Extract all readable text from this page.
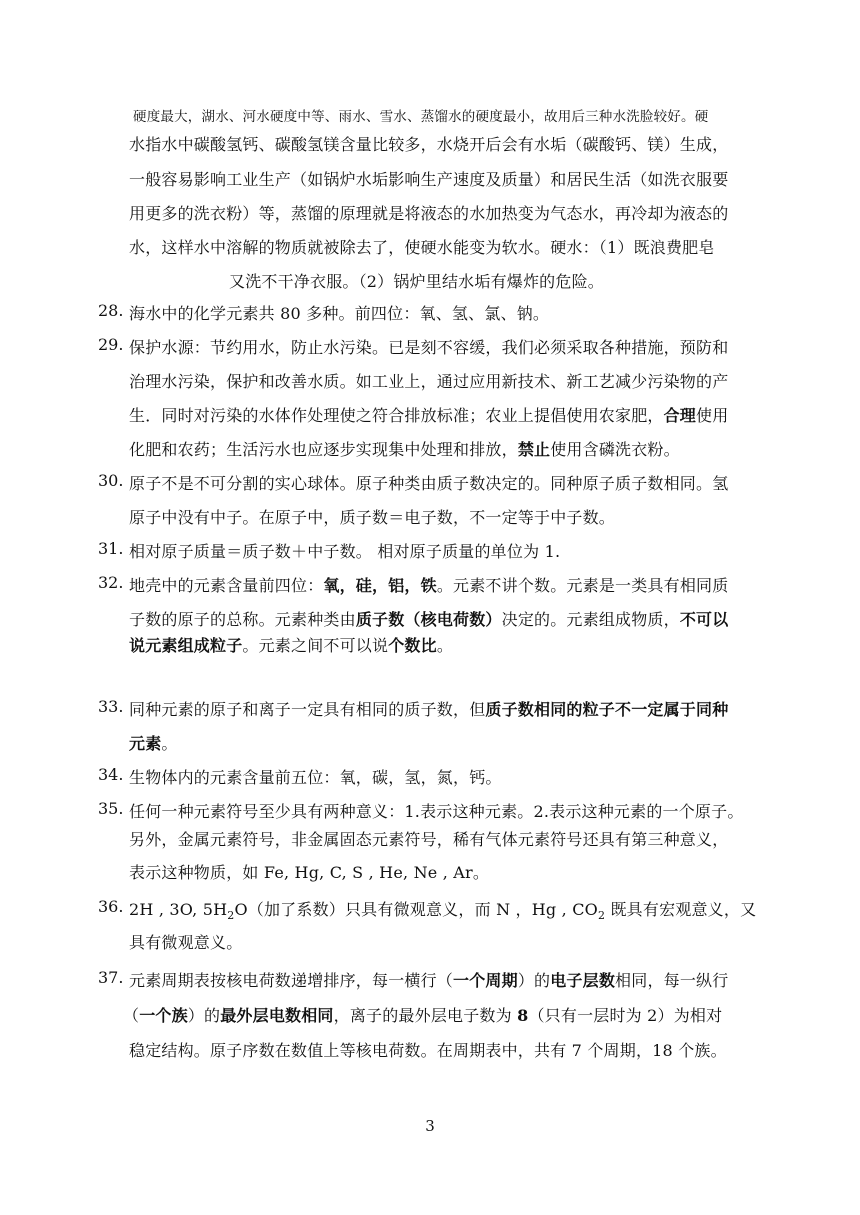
硬度最大，湖水、河水硬度中等、雨水、雪水、蒸馏水的硬度最小，故用后三种水洗脸较好。硬
水指水中碳酸氢钙、碳酸氢镁含量比较多，水烧开后会有水垢（碳酸钙、镁）生成，
一般容易影响工业生产（如锅炉水垢影响生产速度及质量）和居民生活（如洗衣服要
用更多的洗衣粉）等，蒸馏的原理就是将液态的水加热变为气态水，再冷却为液态的
水，这样水中溶解的物质就被除去了，使硬水能变为软水。硬水：（1）既浪费肥皂
又洗不干净衣服。（2）锅炉里结水垢有爆炸的危险。
28. 海水中的化学元素共 80 多种。前四位：氧、氢、氯、钠。
29. 保护水源：节约用水，防止水污染。已是刻不容缓，我们必须采取各种措施，预防和
治理水污染，保护和改善水质。如工业上，通过应用新技术、新工艺减少污染物的产
生．同时对污染的水体作处理使之符合排放标准；农业上提倡使用农家肥，合理使用
化肥和农药；生活污水也应逐步实现集中处理和排放，禁止使用含磷洗衣粉。
30. 原子不是不可分割的实心球体。原子种类由质子数决定的。同种原子质子数相同。氢
原子中没有中子。在原子中，质子数＝电子数，不一定等于中子数。
31. 相对原子质量＝质子数＋中子数。 相对原子质量的单位为 1.
32. 地壳中的元素含量前四位：氧，硅，铝，铁。元素不讲个数。元素是一类具有相同质
子数的原子的总称。元素种类由质子数（核电荷数）决定的。元素组成物质，不可以
说元素组成粒子。元素之间不可以说个数比。
33. 同种元素的原子和离子一定具有相同的质子数，但质子数相同的粒子不一定属于同种
元素。
34. 生物体内的元素含量前五位：氧，碳，氢，氮，钙。
35. 任何一种元素符号至少具有两种意义：1.表示这种元素。2.表示这种元素的一个原子。
另外，金属元素符号，非金属固态元素符号，稀有气体元素符号还具有第三种意义，
表示这种物质，如 Fe, Hg, C, S , He, Ne , Ar。
36. 2H , 3O, $5H_2O$（加了系数）只具有微观意义，而 N ，Hg , $CO_2$ 既具有宏观意义，又
具有微观意义。
37. 元素周期表按核电荷数递增排序，每一横行（一个周期）的电子层数相同，每一纵行
（一个族）的最外层电数相同，离子的最外层电子数为 8（只有一层时为 2）为相对
稳定结构。原子序数在数值上等核电荷数。在周期表中，共有 7 个周期，18 个族。
3
